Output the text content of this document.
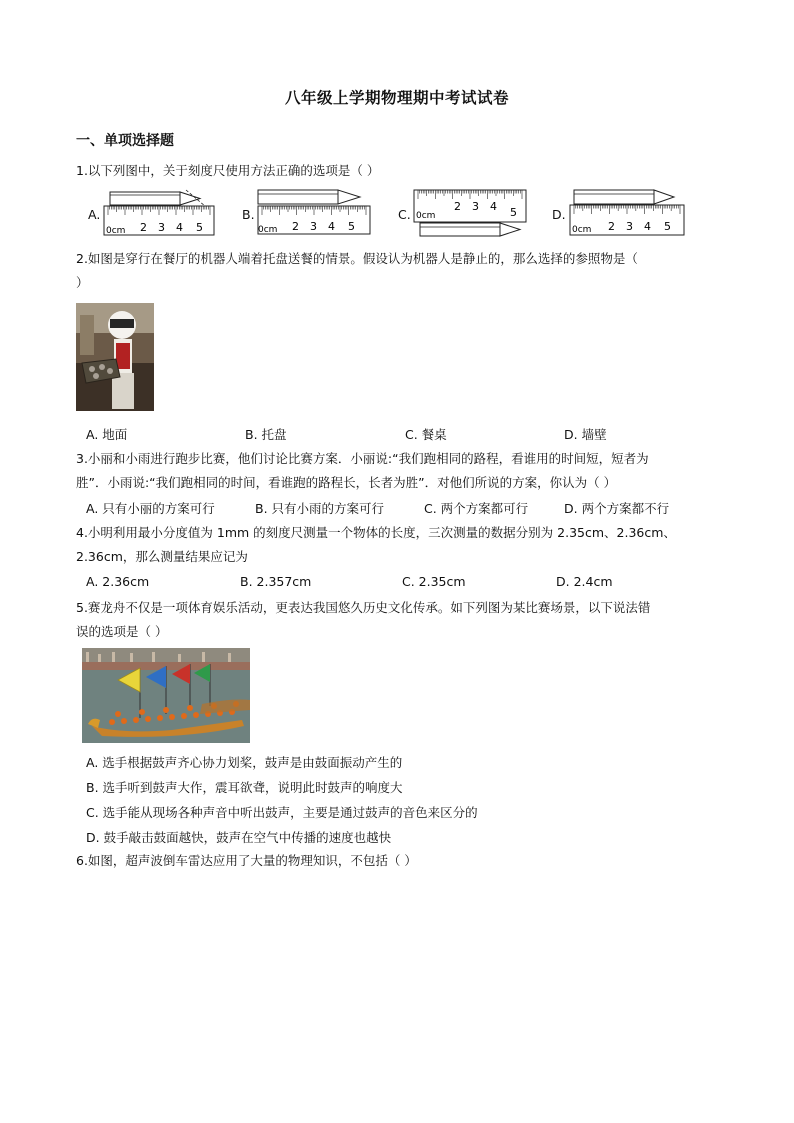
八年级上学期物理期中考试试卷
一、单项选择题
1.以下列图中，关于刻度尺使用方法正确的选项是（ ）
A.
0cm 2 3 4 5
B.
0cm 2 3 4 5
C. 0cm
2 3 4 5	D.
0cm 2 3 4 5
2.如图是穿行在餐厅的机器人端着托盘送餐的情景。假设认为机器人是静止的，那么选择的参照物是（
）
A. 地面	B. 托盘	C. 餐桌	D. 墙壁
3.小丽和小雨进行跑步比赛，他们讨论比赛方案．小丽说:“我们跑相同的路程，看谁用的时间短，短者为
胜”．小雨说:“我们跑相同的时间，看谁跑的路程长，长者为胜”．对他们所说的方案，你认为（ ）
A. 只有小丽的方案可行	B. 只有小雨的方案可行	C. 两个方案都可行	D. 两个方案都不行
4.小明利用最小分度值为 1mm 的刻度尺测量一个物体的长度，三次测量的数据分别为 2.35cm、2.36cm、
2.36cm，那么测量结果应记为
A. 2.36cm	B. 2.357cm	C. 2.35cm	D. 2.4cm
5.赛龙舟不仅是一项体育娱乐活动，更表达我国悠久历史文化传承。如下列图为某比赛场景，以下说法错
误的选项是（ ）
A. 选手根据鼓声齐心协力划桨，鼓声是由鼓面振动产生的
B. 选手听到鼓声大作，震耳欲聋，说明此时鼓声的响度大
C. 选手能从现场各种声音中听出鼓声，主要是通过鼓声的音色来区分的
D. 鼓手敲击鼓面越快，鼓声在空气中传播的速度也越快
6.如图，超声波倒车雷达应用了大量的物理知识，不包括（ ）
